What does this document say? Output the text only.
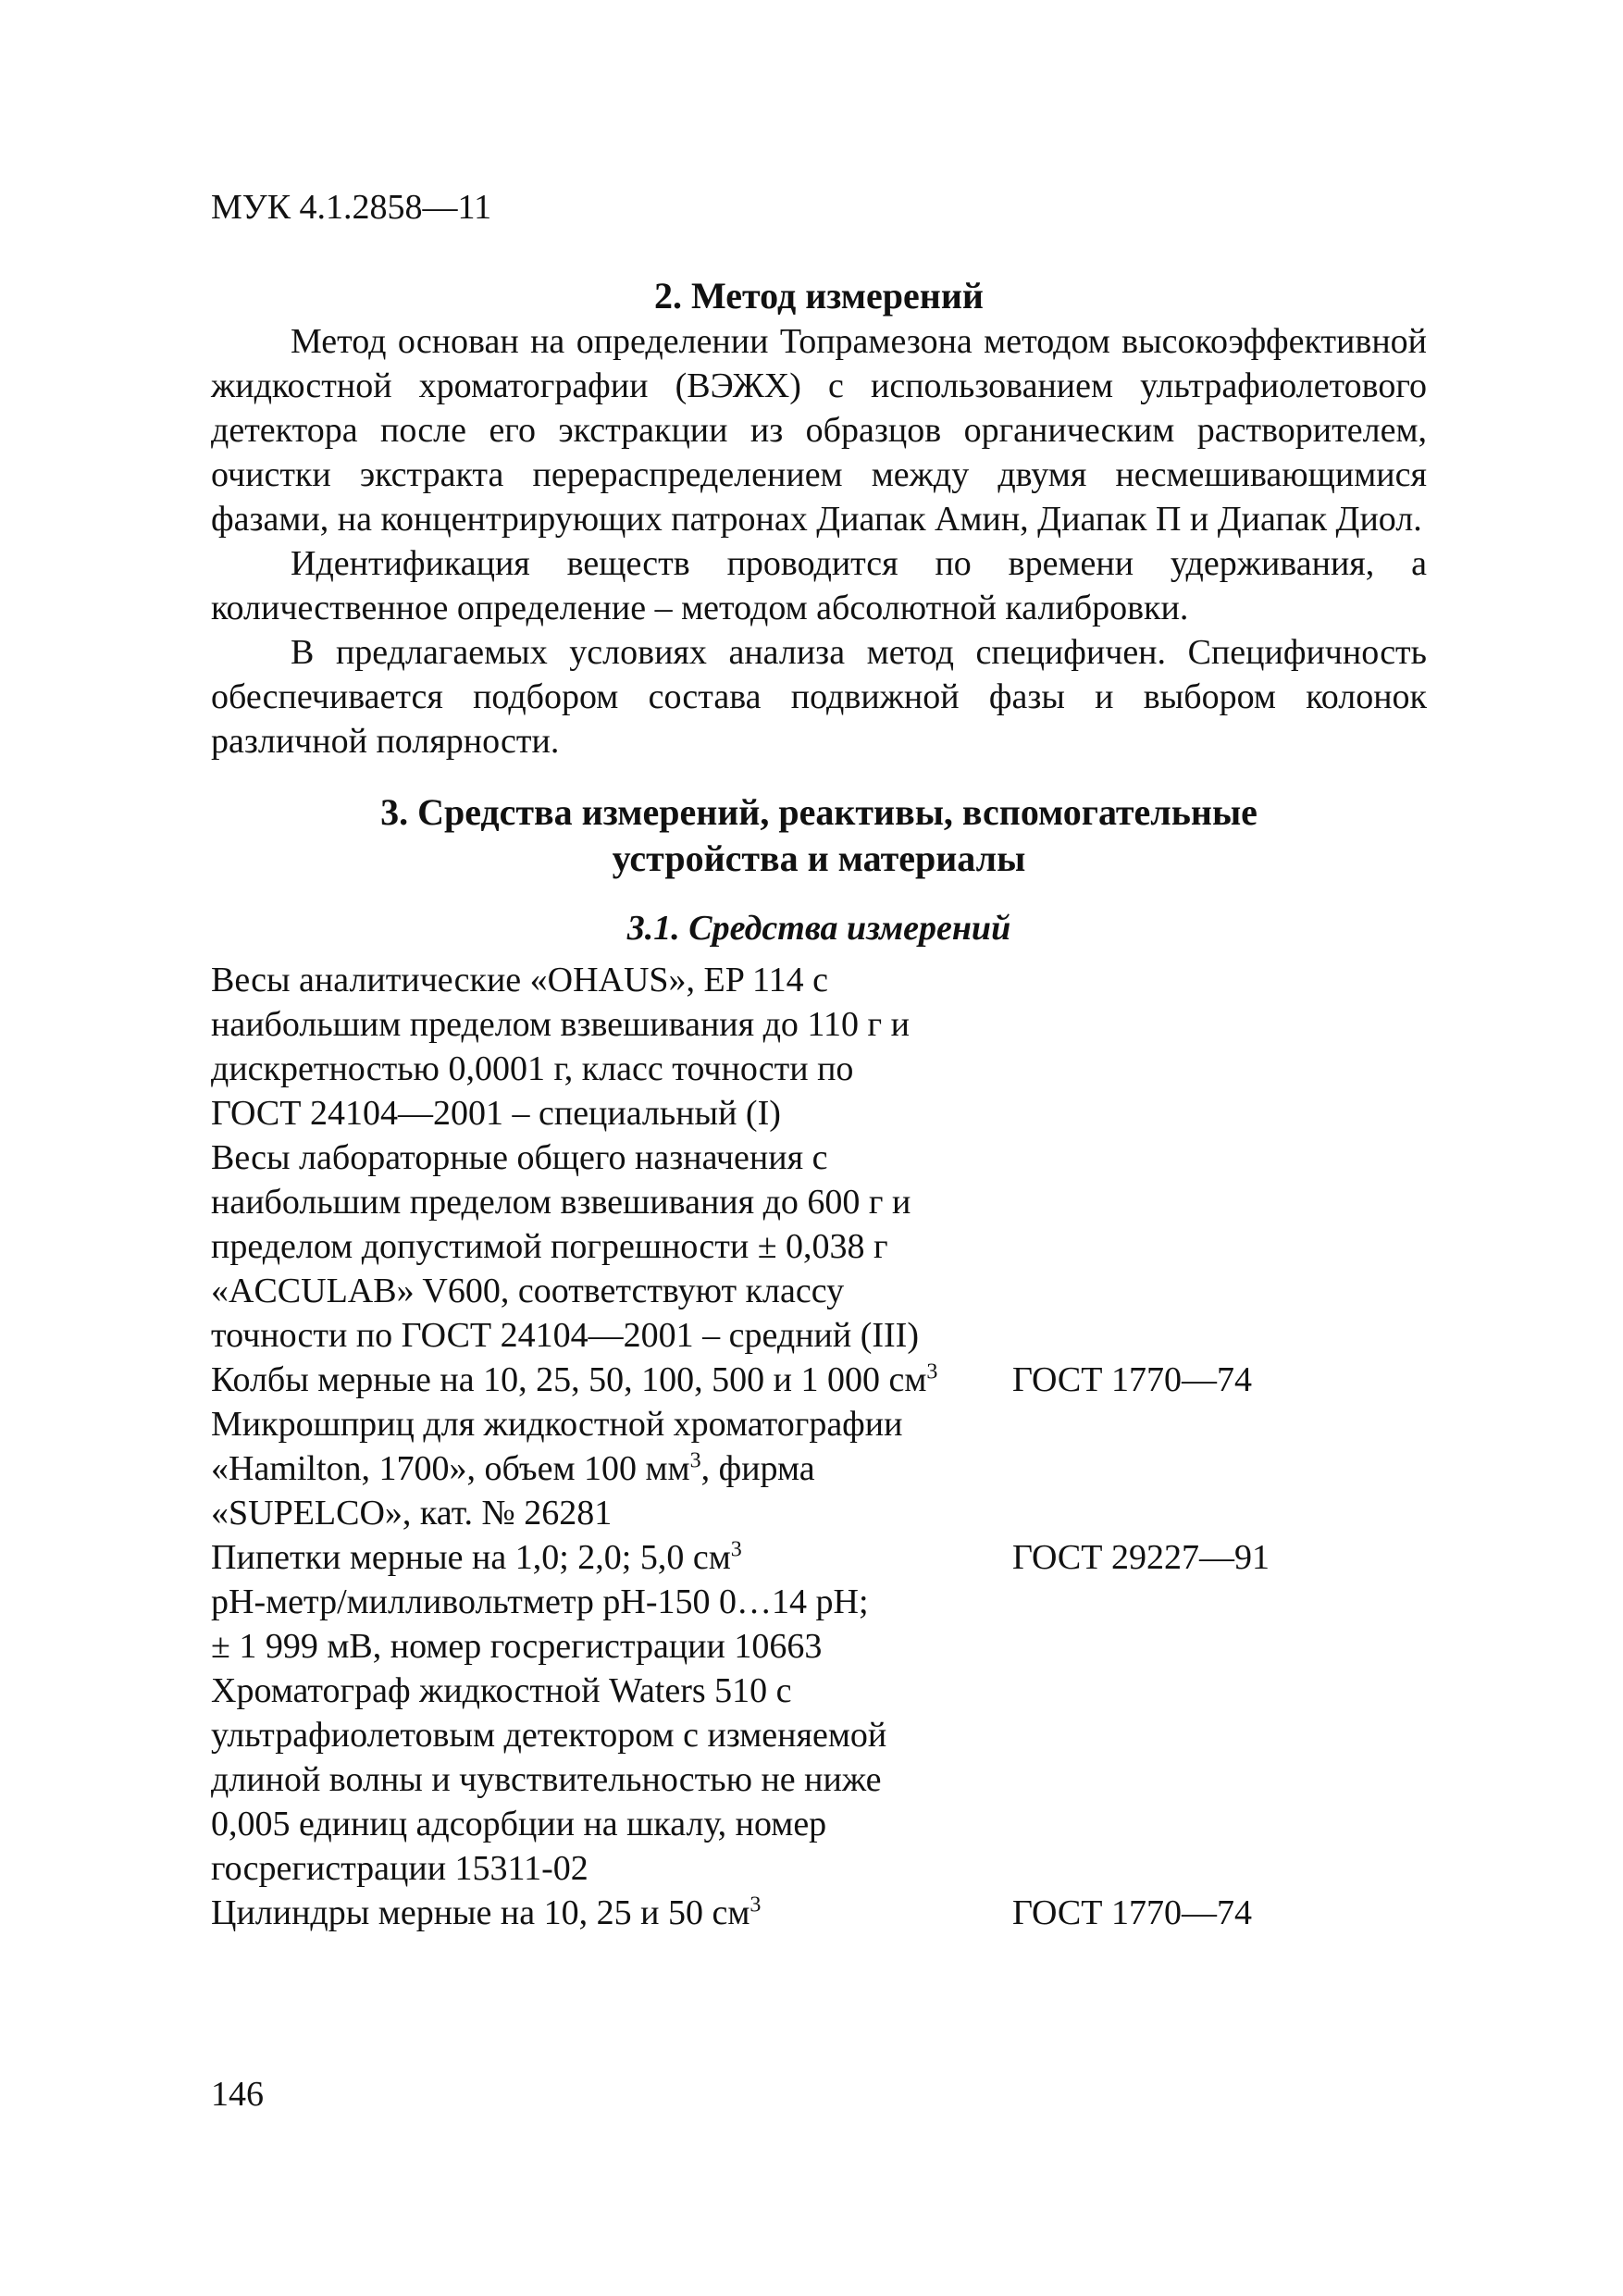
МУК 4.1.2858—11
2. Метод измерений

Метод основан на определении Топрамезона методом высокоэффективной жидкостной хроматографии (ВЭЖХ) с использованием ультрафиолетового детектора после его экстракции из образцов органическим растворителем, очистки экстракта перераспределением между двумя несмешивающимися фазами, на концентрирующих патронах Диапак Амин, Диапак П и Диапак Диол.

Идентификация веществ проводится по времени удерживания, а количественное определение – методом абсолютной калибровки.

В предлагаемых условиях анализа метод специфичен. Специфичность обеспечивается подбором состава подвижной фазы и выбором колонок различной полярности.

3. Средства измерений, реактивы, вспомогательные
устройства и материалы
3.1. Средства измерений
Весы аналитические «OHAUS», EP 114 с
наибольшим пределом взвешивания до 110 г и
дискретностью 0,0001 г, класс точности по
ГОСТ 24104—2001 – специальный (I)	

Весы лабораторные общего назначения с
наибольшим пределом взвешивания до 600 г и
пределом допустимой погрешности ± 0,038 г
«ACCULAB» V600, соответствуют классу
точности по ГОСТ 24104—2001 – средний (III)	

Колбы мерные на 10, 25, 50, 100, 500 и 1 000 $см^3$	ГОСТ 1770—74

Микрошприц для жидкостной хроматографии
«Hamilton, 1700», объем 100 $мм^3$, фирма
«SUPELCO», кат. № 26281	

Пипетки мерные на 1,0; 2,0; 5,0 $см^3$	ГОСТ 29227—91

рН-метр/милливольтметр рН-150 0…14 рН;
± 1 999 мВ, номер госрегистрации 10663	

Хроматограф жидкостной Waters 510 с
ультрафиолетовым детектором с изменяемой
длиной волны и чувствительностью не ниже
0,005 единиц адсорбции на шкалу, номер
госрегистрации 15311-02	

Цилиндры мерные на 10, 25 и 50 $см^3$	ГОСТ 1770—74
146
